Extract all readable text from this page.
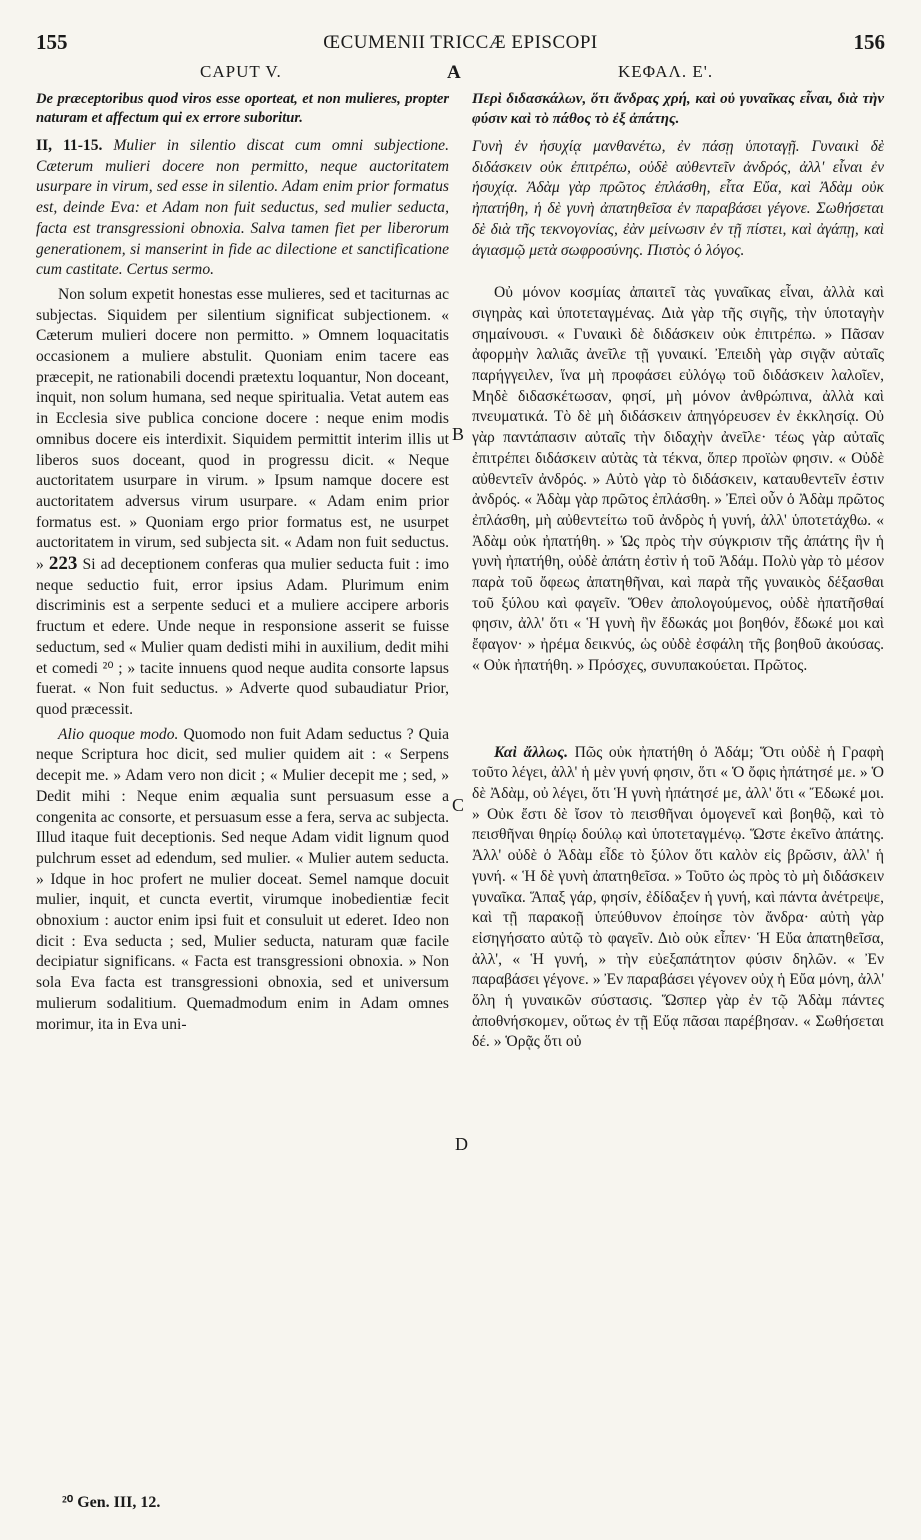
155	ŒCUMENII TRICCÆ EPISCOPI	156
CAPUT V.	A	ΚΕΦΑΛ. Ε'.

De præceptoribus quod viros esse oporteat, et non mulieres, propter naturam et affectum qui ex errore suboritur.

II, 11-15. Mulier in silentio discat cum omni subjectione. Cæterum mulieri docere non permitto, neque auctoritatem usurpare in virum, sed esse in silentio. Adam enim prior formatus est, deinde Eva: et Adam non fuit seductus, sed mulier seducta, facta est transgressioni obnoxia. Salva tamen fiet per liberorum generationem, si manserint in fide ac dilectione et sanctificatione cum castitate. Certus sermo.

Non solum expetit honestas esse mulieres, sed et taciturnas ac subjectas. Siquidem per silentium significat subjectionem. « Cæterum mulieri docere non permitto. » Omnem loquacitatis occasionem a muliere abstulit. Quoniam enim tacere eas præcepit, ne rationabili docendi prætextu loquantur, Non doceant, inquit, non solum humana, sed neque spiritualia. Vetat autem eas in Ecclesia sive publica concione docere : neque enim modis omnibus docere eis interdixit. Siquidem permittit interim illis ut liberos suos doceant, quod in progressu dicit. « Neque auctoritatem usurpare in virum. » Ipsum namque docere est auctoritatem adversus virum usurpare. « Adam enim prior formatus est. » Quoniam ergo prior formatus est, ne usurpet auctoritatem in virum, sed subjecta sit. « Adam non fuit seductus. » 223 Si ad deceptionem conferas qua mulier seducta fuit : imo neque seductio fuit, error ipsius Adam. Plurimum enim discriminis est a serpente seduci et a muliere accipere arboris fructum et edere. Unde neque in responsione asserit se fuisse seductum, sed « Mulier quam dedisti mihi in auxilium, dedit mihi et comedi ²⁰ ; » tacite innuens quod neque audita consorte lapsus fuerat. « Non fuit seductus. » Adverte quod subaudiatur Prior, quod præcessit.

Alio quoque modo. Quomodo non fuit Adam seductus ? Quia neque Scriptura hoc dicit, sed mulier quidem ait : « Serpens decepit me. » Adam vero non dicit ; « Mulier decepit me ; sed, » Dedit mihi : Neque enim æqualia sunt persuasum esse a congenita ac consorte, et persuasum esse a fera, serva ac subjecta. Illud itaque fuit deceptionis. Sed neque Adam vidit lignum quod pulchrum esset ad edendum, sed mulier. « Mulier autem seducta. » Idque in hoc profert ne mulier doceat. Semel namque docuit mulier, inquit, et cuncta evertit, virumque inobedientiæ fecit obnoxium : auctor enim ipsi fuit et consuluit ut ederet. Ideo non dicit : Eva seducta ; sed, Mulier seducta, naturam quæ facile decipiatur significans. « Facta est transgressioni obnoxia. » Non sola Eva facta est transgressioni obnoxia, sed et universum mulierum sodalitium. Quemadmodum enim in Adam omnes morimur, ita in Eva uni-

Περὶ διδασκάλων, ὅτι ἄνδρας χρή, καὶ οὐ γυναῖκας εἶναι, διὰ τὴν φύσιν καὶ τὸ πάθος τὸ ἐξ ἀπάτης.

Γυνὴ ἐν ἡσυχίᾳ μανθανέτω, ἐν πάσῃ ὑποταγῇ. Γυναικὶ δὲ διδάσκειν οὐκ ἐπιτρέπω, οὐδὲ αὐθεντεῖν ἀνδρός, ἀλλ' εἶναι ἐν ἡσυχίᾳ. Ἀδὰμ γὰρ πρῶτος ἐπλάσθη, εἶτα Εὔα, καὶ Ἀδὰμ οὐκ ἠπατήθη, ἡ δὲ γυνὴ ἀπατηθεῖσα ἐν παραβάσει γέγονε. Σωθήσεται δὲ διὰ τῆς τεκνογονίας, ἐὰν μείνωσιν ἐν τῇ πίστει, καὶ ἀγάπῃ, καὶ ἁγιασμῷ μετὰ σωφροσύνης. Πιστὸς ὁ λόγος.

Οὐ μόνον κοσμίας ἀπαιτεῖ τὰς γυναῖκας εἶναι, ἀλλὰ καὶ σιγηρὰς καὶ ὑποτεταγμένας. Διὰ γὰρ τῆς σιγῆς, τὴν ὑποταγὴν σημαίνουσι. « Γυναικὶ δὲ διδάσκειν οὐκ ἐπιτρέπω. » Πᾶσαν ἀφορμὴν λαλιᾶς ἀνεῖλε τῇ γυναικί. Ἐπειδὴ γὰρ σιγᾷν αὐταῖς παρήγγειλεν, ἵνα μὴ προφάσει εὐλόγῳ τοῦ διδάσκειν λαλοῖεν, Μηδὲ διδασκέτωσαν, φησί, μὴ μόνον ἀνθρώπινα, ἀλλὰ καὶ πνευματικά. Τὸ δὲ μὴ διδάσκειν ἀπηγόρευσεν ἐν ἐκκλησίᾳ. Οὐ γὰρ παντάπασιν αὐταῖς τὴν διδαχὴν ἀνεῖλε· τέως γὰρ αὐταῖς ἐπιτρέπει διδάσκειν αὐτὰς τὰ τέκνα, ὅπερ προϊὼν φησιν. « Οὐδὲ αὐθεντεῖν ἀνδρός. » Αὐτὸ γὰρ τὸ διδάσκειν, καταυθεντεῖν ἐστιν ἀνδρός. « Ἀδὰμ γὰρ πρῶτος ἐπλάσθη. » Ἐπεὶ οὖν ὁ Ἀδὰμ πρῶτος ἐπλάσθη, μὴ αὐθεντείτω τοῦ ἀνδρὸς ἡ γυνή, ἀλλ' ὑποτετάχθω. « Ἀδὰμ οὐκ ἠπατήθη. » Ὡς πρὸς τὴν σύγκρισιν τῆς ἀπάτης ἣν ἡ γυνὴ ἠπατήθη, οὐδὲ ἀπάτη ἐστὶν ἡ τοῦ Ἀδάμ. Πολὺ γὰρ τὸ μέσον παρὰ τοῦ ὄφεως ἀπατηθῆναι, καὶ παρὰ τῆς γυναικὸς δέξασθαι τοῦ ξύλου καὶ φαγεῖν. Ὅθεν ἀπολογούμενος, οὐδὲ ἠπατῆσθαί φησιν, ἀλλ' ὅτι « Ἡ γυνὴ ἣν ἔδωκάς μοι βοηθόν, ἔδωκέ μοι καὶ ἔφαγον· » ἠρέμα δεικνύς, ὡς οὐδὲ ἐσφάλη τῆς βοηθοῦ ἀκούσας. « Οὐκ ἠπατήθη. » Πρόσχες, συνυπακούεται. Πρῶτος.

Καὶ ἄλλως. Πῶς οὐκ ἠπατήθη ὁ Ἀδάμ; Ὅτι οὐδὲ ἡ Γραφὴ τοῦτο λέγει, ἀλλ' ἡ μὲν γυνή φησιν, ὅτι « Ὁ ὄφις ἠπάτησέ με. » Ὁ δὲ Ἀδὰμ, οὐ λέγει, ὅτι Ἡ γυνὴ ἠπάτησέ με, ἀλλ' ὅτι « Ἔδωκέ μοι. » Οὐκ ἔστι δὲ ἴσον τὸ πεισθῆναι ὁμογενεῖ καὶ βοηθῷ, καὶ τὸ πεισθῆναι θηρίῳ δούλῳ καὶ ὑποτεταγμένῳ. Ὥστε ἐκεῖνο ἀπάτης. Ἀλλ' οὐδὲ ὁ Ἀδὰμ εἶδε τὸ ξύλον ὅτι καλὸν εἰς βρῶσιν, ἀλλ' ἡ γυνή. « Ἡ δὲ γυνὴ ἀπατηθεῖσα. » Τοῦτο ὡς πρὸς τὸ μὴ διδάσκειν γυναῖκα. Ἅπαξ γάρ, φησίν, ἐδίδαξεν ἡ γυνή, καὶ πάντα ἀνέτρεψε, καὶ τῇ παρακοῇ ὑπεύθυνον ἐποίησε τὸν ἄνδρα· αὐτὴ γὰρ εἰσηγήσατο αὐτῷ τὸ φαγεῖν. Διὸ οὐκ εἶπεν· Ἡ Εὔα ἀπατηθεῖσα, ἀλλ', « Ἡ γυνή, » τὴν εὐεξαπάτητον φύσιν δηλῶν. « Ἐν παραβάσει γέγονε. » Ἐν παραβάσει γέγονεν οὐχ ἡ Εὔα μόνη, ἀλλ' ὅλη ἡ γυναικῶν σύστασις. Ὥσπερ γὰρ ἐν τῷ Ἀδὰμ πάντες ἀποθνήσκομεν, οὕτως ἐν τῇ Εὔᾳ πᾶσαι παρέβησαν. « Σωθήσεται δέ. » Ὁρᾷς ὅτι οὐ

B
C
D
²⁰ Gen. III, 12.
